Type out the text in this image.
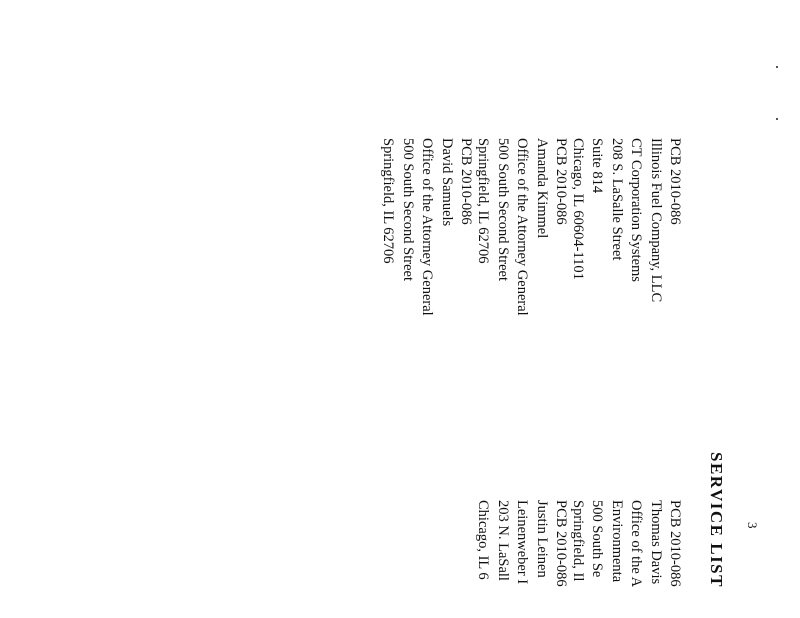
3
SERVICE LIST
PCB 2010-086
Illinois Fuel Company, LLC
CT Corporation Systems
208 S. LaSalle Street
Suite 814
Chicago, IL 60604-1101
PCB 2010-086
Amanda Kimmel
Office of the Attorney General
500 South Second Street
Springfield, IL 62706
PCB 2010-086
David Samuels
Office of the Attorney General
500 South Second Street
Springfield, IL 62706
PCB 2010-086
Thomas Davis
Office of the A
Environmenta
500 South Se
Springfield, Il
PCB 2010-086
Justin Leinen
Leinenweber I
203 N. LaSall
Chicago, IL 6
